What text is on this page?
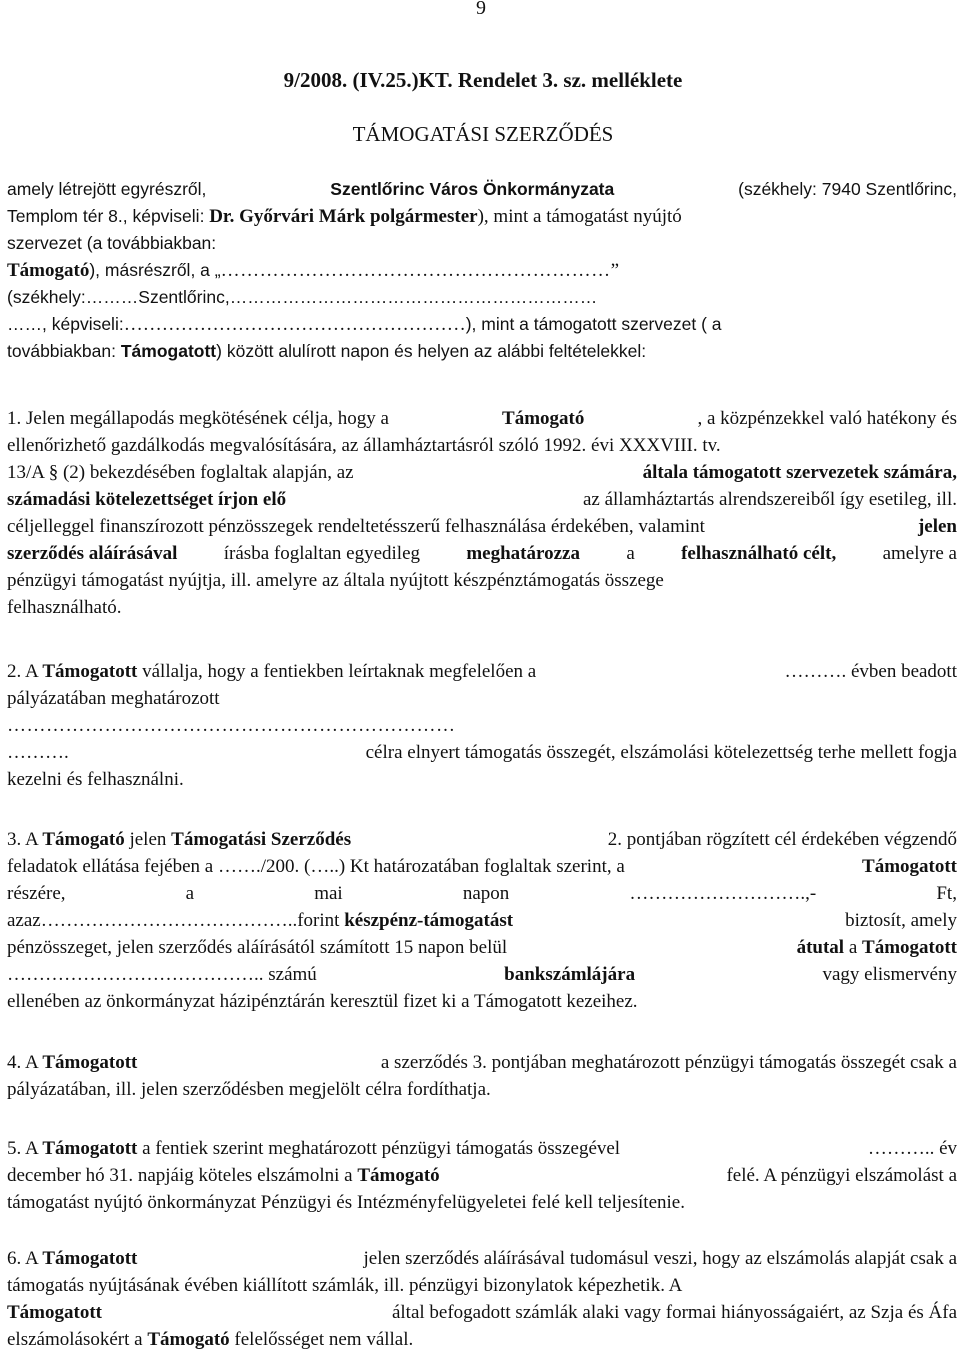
9
9/2008. (IV.25.)KT. Rendelet 3. sz. melléklete
TÁMOGATÁSI SZERZŐDÉS
amely létrejött egyrészről,	Szentlőrinc Város Önkormányzata	(székhely: 7940 Szentlőrinc,
Templom tér 8., képviseli: Dr. Győrvári Márk polgármester), mint a támogatást nyújtó
szervezet (a továbbiakban:
Támogató), másrészről, a „……………………………………………………”
(székhely:………Szentlőrinc,………………………………………………………
……, képviseli:………………………………………………), mint a támogatott szervezet ( a
továbbiakban: Támogatott) között alulírott napon és helyen az alábbi feltételekkel:
1. Jelen megállapodás megkötésének célja, hogy a	Támogató	, a közpénzekkel való hatékony és
ellenőrizhető gazdálkodás megvalósítására, az államháztartásról szóló 1992. évi XXXVIII. tv.
13/A § (2) bekezdésében foglaltak alapján, az	általa támogatott szervezetek számára,
számadási kötelezettséget írjon elő	az államháztartás alrendszereiből így esetileg, ill.
céljelleggel finanszírozott pénzösszegek rendeltetésszerű felhasználása érdekében, valamint	jelen
szerződés aláírásával írásba foglaltan egyedileg meghatározza a felhasználható célt, amelyre a
pénzügyi támogatást nyújtja, ill. amelyre az általa nyújtott készpénztámogatás összege
felhasználható.
2. A Támogatott vállalja, hogy a fentiekben leírtaknak megfelelően a	………. évben beadott
pályázatában meghatározott
……………………………………………………………
……….	célra elnyert támogatás összegét, elszámolási kötelezettség terhe mellett fogja
kezelni és felhasználni.
3. A Támogató jelen Támogatási Szerződés	2. pontjában rögzített cél érdekében végzendő
feladatok ellátása fejében a ……./200. (…..) Kt határozatában foglaltak szerint, a	Támogatott
részére,	a	mai	napon	……………………….,-	Ft,
azaz…………………………………..forint készpénz-támogatást	biztosít, amely
pénzösszeget, jelen szerződés aláírásától számított 15 napon belül	átutal a Támogatott
………………………………….. számú	bankszámlájára	vagy elismervény
ellenében az önkormányzat házipénztárán keresztül fizet ki a Támogatott kezeihez.
4. A Támogatott	a szerződés 3. pontjában meghatározott pénzügyi támogatás összegét csak a
pályázatában, ill. jelen szerződésben megjelölt célra fordíthatja.
5. A Támogatott a fentiek szerint meghatározott pénzügyi támogatás összegével	……….. év
december hó 31. napjáig köteles elszámolni a Támogató	felé. A pénzügyi elszámolást a
támogatást nyújtó önkormányzat Pénzügyi és Intézményfelügyeletei felé kell teljesítenie.
6. A Támogatott	jelen szerződés aláírásával tudomásul veszi, hogy az elszámolás alapját csak a
támogatás nyújtásának évében kiállított számlák, ill. pénzügyi bizonylatok képezhetik. A
Támogatott	által befogadott számlák alaki vagy formai hiányosságaiért, az Szja és Áfa
elszámolásokért a Támogató felelősséget nem vállal.
